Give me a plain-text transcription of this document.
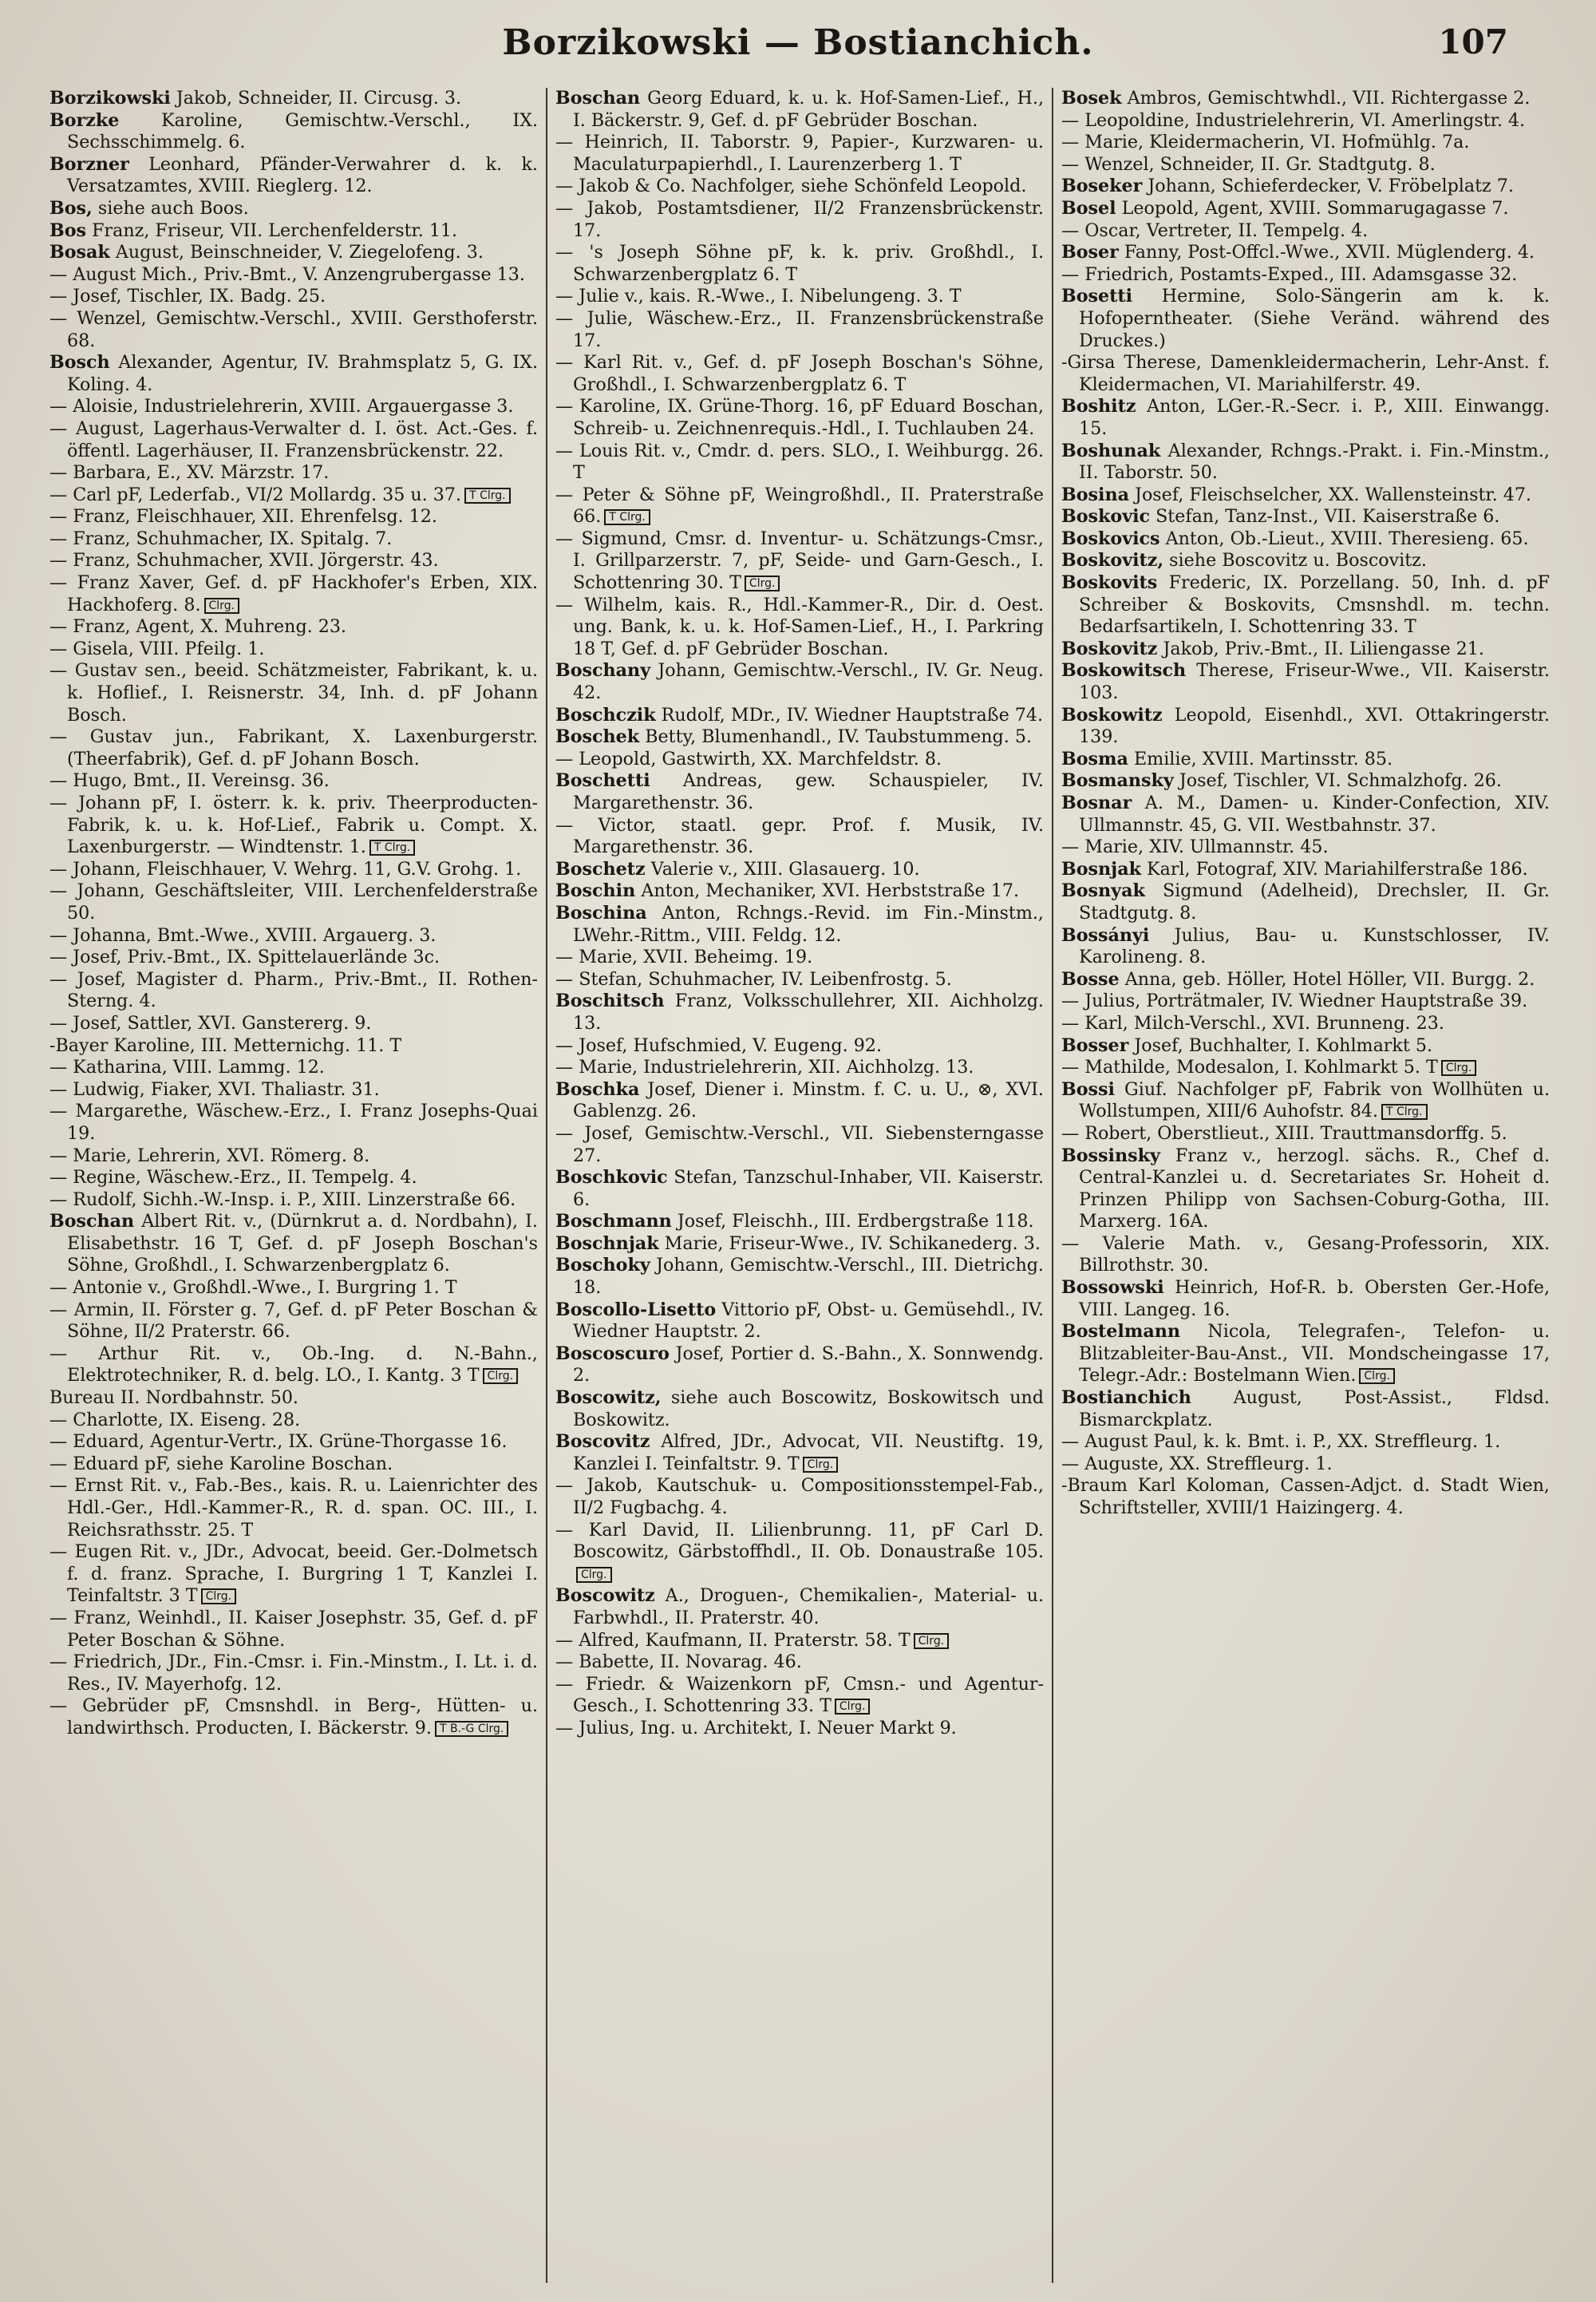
Borzikowski — Bostianchich.	107

Borzikowski Jakob, Schneider, II. Circusg. 3.

Borzke Karoline, Gemischtw.-Verschl., IX. Sechsschimmelg. 6.

Borzner Leonhard, Pfänder-Verwahrer d. k. k. Versatzamtes, XVIII. Rieglerg. 12.

Bos, siehe auch Boos.

Bos Franz, Friseur, VII. Lerchenfelderstr. 11.

Bosak August, Beinschneider, V. Ziegelofeng. 3.

— August Mich., Priv.-Bmt., V. Anzengrubergasse 13.

— Josef, Tischler, IX. Badg. 25.

— Wenzel, Gemischtw.-Verschl., XVIII. Gersthoferstr. 68.

Bosch Alexander, Agentur, IV. Brahmsplatz 5, G. IX. Koling. 4.

— Aloisie, Industrielehrerin, XVIII. Argauergasse 3.

— August, Lagerhaus-Verwalter d. I. öst. Act.-Ges. f. öffentl. Lagerhäuser, II. Franzensbrückenstr. 22.

— Barbara, E., XV. Märzstr. 17.

— Carl pF, Lederfab., VI/2 Mollardg. 35 u. 37. T Clrg.

— Franz, Fleischhauer, XII. Ehrenfelsg. 12.

— Franz, Schuhmacher, IX. Spitalg. 7.

— Franz, Schuhmacher, XVII. Jörgerstr. 43.

— Franz Xaver, Gef. d. pF Hackhofer's Erben, XIX. Hackhoferg. 8. Clrg.

— Franz, Agent, X. Muhreng. 23.

— Gisela, VIII. Pfeilg. 1.

— Gustav sen., beeid. Schätzmeister, Fabrikant, k. u. k. Hoflief., I. Reisnerstr. 34, Inh. d. pF Johann Bosch.

— Gustav jun., Fabrikant, X. Laxenburgerstr. (Theerfabrik), Gef. d. pF Johann Bosch.

— Hugo, Bmt., II. Vereinsg. 36.

— Johann pF, I. österr. k. k. priv. Theerproducten-Fabrik, k. u. k. Hof-Lief., Fabrik u. Compt. X. Laxenburgerstr. — Windtenstr. 1. T Clrg.

— Johann, Fleischhauer, V. Wehrg. 11, G.V. Grohg. 1.

— Johann, Geschäftsleiter, VIII. Lerchenfelderstraße 50.

— Johanna, Bmt.-Wwe., XVIII. Argauerg. 3.

— Josef, Priv.-Bmt., IX. Spittelauerlände 3c.

— Josef, Magister d. Pharm., Priv.-Bmt., II. Rothen-Sterng. 4.

— Josef, Sattler, XVI. Ganstererg. 9.

-Bayer Karoline, III. Metternichg. 11. T

— Katharina, VIII. Lammg. 12.

— Ludwig, Fiaker, XVI. Thaliastr. 31.

— Margarethe, Wäschew.-Erz., I. Franz Josephs-Quai 19.

— Marie, Lehrerin, XVI. Römerg. 8.

— Regine, Wäschew.-Erz., II. Tempelg. 4.

— Rudolf, Sichh.-W.-Insp. i. P., XIII. Linzerstraße 66.

Boschan Albert Rit. v., (Dürnkrut a. d. Nordbahn), I. Elisabethstr. 16 T, Gef. d. pF Joseph Boschan's Söhne, Großhdl., I. Schwarzenbergplatz 6.

— Antonie v., Großhdl.-Wwe., I. Burgring 1. T

— Armin, II. Förster g. 7, Gef. d. pF Peter Boschan & Söhne, II/2 Praterstr. 66.

— Arthur Rit. v., Ob.-Ing. d. N.-Bahn., Elektrotechniker, R. d. belg. LO., I. Kantg. 3 T Clrg.

Bureau II. Nordbahnstr. 50.

— Charlotte, IX. Eiseng. 28.

— Eduard, Agentur-Vertr., IX. Grüne-Thorgasse 16.

— Eduard pF, siehe Karoline Boschan.

— Ernst Rit. v., Fab.-Bes., kais. R. u. Laienrichter des Hdl.-Ger., Hdl.-Kammer-R., R. d. span. OC. III., I. Reichsrathsstr. 25. T

— Eugen Rit. v., JDr., Advocat, beeid. Ger.-Dolmetsch f. d. franz. Sprache, I. Burgring 1 T, Kanzlei I. Teinfaltstr. 3 T Clrg.

— Franz, Weinhdl., II. Kaiser Josephstr. 35, Gef. d. pF Peter Boschan & Söhne.

— Friedrich, JDr., Fin.-Cmsr. i. Fin.-Minstm., I. Lt. i. d. Res., IV. Mayerhofg. 12.

— Gebrüder pF, Cmsnshdl. in Berg-, Hütten- u. landwirthsch. Producten, I. Bäckerstr. 9. T B.-G Clrg.

Boschan Georg Eduard, k. u. k. Hof-Samen-Lief., H., I. Bäckerstr. 9, Gef. d. pF Gebrüder Boschan.

— Heinrich, II. Taborstr. 9, Papier-, Kurzwaren- u. Maculaturpapierhdl., I. Laurenzerberg 1. T

— Jakob & Co. Nachfolger, siehe Schönfeld Leopold.

— Jakob, Postamtsdiener, II/2 Franzensbrückenstr. 17.

— 's Joseph Söhne pF, k. k. priv. Großhdl., I. Schwarzenbergplatz 6. T

— Julie v., kais. R.-Wwe., I. Nibelungeng. 3. T

— Julie, Wäschew.-Erz., II. Franzensbrückenstraße 17.

— Karl Rit. v., Gef. d. pF Joseph Boschan's Söhne, Großhdl., I. Schwarzenbergplatz 6. T

— Karoline, IX. Grüne-Thorg. 16, pF Eduard Boschan, Schreib- u. Zeichnenrequis.-Hdl., I. Tuchlauben 24.

— Louis Rit. v., Cmdr. d. pers. SLO., I. Weihburgg. 26. T

— Peter & Söhne pF, Weingroßhdl., II. Praterstraße 66. T Clrg.

— Sigmund, Cmsr. d. Inventur- u. Schätzungs-Cmsr., I. Grillparzerstr. 7, pF, Seide- und Garn-Gesch., I. Schottenring 30. T Clrg.

— Wilhelm, kais. R., Hdl.-Kammer-R., Dir. d. Oest. ung. Bank, k. u. k. Hof-Samen-Lief., H., I. Parkring 18 T, Gef. d. pF Gebrüder Boschan.

Boschany Johann, Gemischtw.-Verschl., IV. Gr. Neug. 42.

Boschczik Rudolf, MDr., IV. Wiedner Hauptstraße 74.

Boschek Betty, Blumenhandl., IV. Taubstummeng. 5.

— Leopold, Gastwirth, XX. Marchfeldstr. 8.

Boschetti Andreas, gew. Schauspieler, IV. Margarethenstr. 36.

— Victor, staatl. gepr. Prof. f. Musik, IV. Margarethenstr. 36.

Boschetz Valerie v., XIII. Glasauerg. 10.

Boschin Anton, Mechaniker, XVI. Herbststraße 17.

Boschina Anton, Rchngs.-Revid. im Fin.-Minstm., LWehr.-Rittm., VIII. Feldg. 12.

— Marie, XVII. Beheimg. 19.

— Stefan, Schuhmacher, IV. Leibenfrostg. 5.

Boschitsch Franz, Volksschullehrer, XII. Aichholzg. 13.

— Josef, Hufschmied, V. Eugeng. 92.

— Marie, Industrielehrerin, XII. Aichholzg. 13.

Boschka Josef, Diener i. Minstm. f. C. u. U., ⊗, XVI. Gablenzg. 26.

— Josef, Gemischtw.-Verschl., VII. Siebensterngasse 27.

Boschkovic Stefan, Tanzschul-Inhaber, VII. Kaiserstr. 6.

Boschmann Josef, Fleischh., III. Erdbergstraße 118.

Boschnjak Marie, Friseur-Wwe., IV. Schikanederg. 3.

Boschoky Johann, Gemischtw.-Verschl., III. Dietrichg. 18.

Boscollo-Lisetto Vittorio pF, Obst- u. Gemüsehdl., IV. Wiedner Hauptstr. 2.

Boscoscuro Josef, Portier d. S.-Bahn., X. Sonnwendg. 2.

Boscowitz, siehe auch Boscowitz, Boskowitsch und Boskowitz.

Boscovitz Alfred, JDr., Advocat, VII. Neustiftg. 19, Kanzlei I. Teinfaltstr. 9. T Clrg.

— Jakob, Kautschuk- u. Compositionsstempel-Fab., II/2 Fugbachg. 4.

— Karl David, II. Lilienbrunng. 11, pF Carl D. Boscowitz, Gärbstoffhdl., II. Ob. Donaustraße 105.Clrg.

Boscowitz A., Droguen-, Chemikalien-, Material- u. Farbwhdl., II. Praterstr. 40.

— Alfred, Kaufmann, II. Praterstr. 58. T Clrg.

— Babette, II. Novarag. 46.

— Friedr. & Waizenkorn pF, Cmsn.- und Agentur-Gesch., I. Schottenring 33. T Clrg.

— Julius, Ing. u. Architekt, I. Neuer Markt 9.

Bosek Ambros, Gemischtwhdl., VII. Richtergasse 2.

— Leopoldine, Industrielehrerin, VI. Amerlingstr. 4.

— Marie, Kleidermacherin, VI. Hofmühlg. 7a.

— Wenzel, Schneider, II. Gr. Stadtgutg. 8.

Boseker Johann, Schieferdecker, V. Fröbelplatz 7.

Bosel Leopold, Agent, XVIII. Sommarugagasse 7.

— Oscar, Vertreter, II. Tempelg. 4.

Boser Fanny, Post-Offcl.-Wwe., XVII. Müglenderg. 4.

— Friedrich, Postamts-Exped., III. Adamsgasse 32.

Bosetti Hermine, Solo-Sängerin am k. k. Hofoperntheater. (Siehe Veränd. während des Druckes.)

-Girsa Therese, Damenkleidermacherin, Lehr-Anst. f. Kleidermachen, VI. Mariahilferstr. 49.

Boshitz Anton, LGer.-R.-Secr. i. P., XIII. Einwangg. 15.

Boshunak Alexander, Rchngs.-Prakt. i. Fin.-Minstm., II. Taborstr. 50.

Bosina Josef, Fleischselcher, XX. Wallensteinstr. 47.

Boskovic Stefan, Tanz-Inst., VII. Kaiserstraße 6.

Boskovics Anton, Ob.-Lieut., XVIII. Theresieng. 65.

Boskovitz, siehe Boscovitz u. Boscovitz.

Boskovits Frederic, IX. Porzellang. 50, Inh. d. pF Schreiber & Boskovits, Cmsnshdl. m. techn. Bedarfsartikeln, I. Schottenring 33. T

Boskovitz Jakob, Priv.-Bmt., II. Liliengasse 21.

Boskowitsch Therese, Friseur-Wwe., VII. Kaiserstr. 103.

Boskowitz Leopold, Eisenhdl., XVI. Ottakringerstr. 139.

Bosma Emilie, XVIII. Martinsstr. 85.

Bosmansky Josef, Tischler, VI. Schmalzhofg. 26.

Bosnar A. M., Damen- u. Kinder-Confection, XIV. Ullmannstr. 45, G. VII. Westbahnstr. 37.

— Marie, XIV. Ullmannstr. 45.

Bosnjak Karl, Fotograf, XIV. Mariahilferstraße 186.

Bosnyak Sigmund (Adelheid), Drechsler, II. Gr. Stadtgutg. 8.

Bossányi Julius, Bau- u. Kunstschlosser, IV. Karolineng. 8.

Bosse Anna, geb. Höller, Hotel Höller, VII. Burgg. 2.

— Julius, Porträtmaler, IV. Wiedner Hauptstraße 39.

— Karl, Milch-Verschl., XVI. Brunneng. 23.

Bosser Josef, Buchhalter, I. Kohlmarkt 5.

— Mathilde, Modesalon, I. Kohlmarkt 5. T Clrg.

Bossi Giuf. Nachfolger pF, Fabrik von Wollhüten u. Wollstumpen, XIII/6 Auhofstr. 84. T Clrg.

— Robert, Oberstlieut., XIII. Trauttmansdorffg. 5.

Bossinsky Franz v., herzogl. sächs. R., Chef d. Central-Kanzlei u. d. Secretariates Sr. Hoheit d. Prinzen Philipp von Sachsen-Coburg-Gotha, III. Marxerg. 16A.

— Valerie Math. v., Gesang-Professorin, XIX. Billrothstr. 30.

Bossowski Heinrich, Hof-R. b. Obersten Ger.-Hofe, VIII. Langeg. 16.

Bostelmann Nicola, Telegrafen-, Telefon- u. Blitzableiter-Bau-Anst., VII. Mondscheingasse 17, Telegr.-Adr.: Bostelmann Wien. Clrg.

Bostianchich August, Post-Assist., Fldsd. Bismarckplatz.

— August Paul, k. k. Bmt. i. P., XX. Streffleurg. 1.

— Auguste, XX. Streffleurg. 1.

-Braum Karl Koloman, Cassen-Adjct. d. Stadt Wien, Schriftsteller, XVIII/1 Haizingerg. 4.
